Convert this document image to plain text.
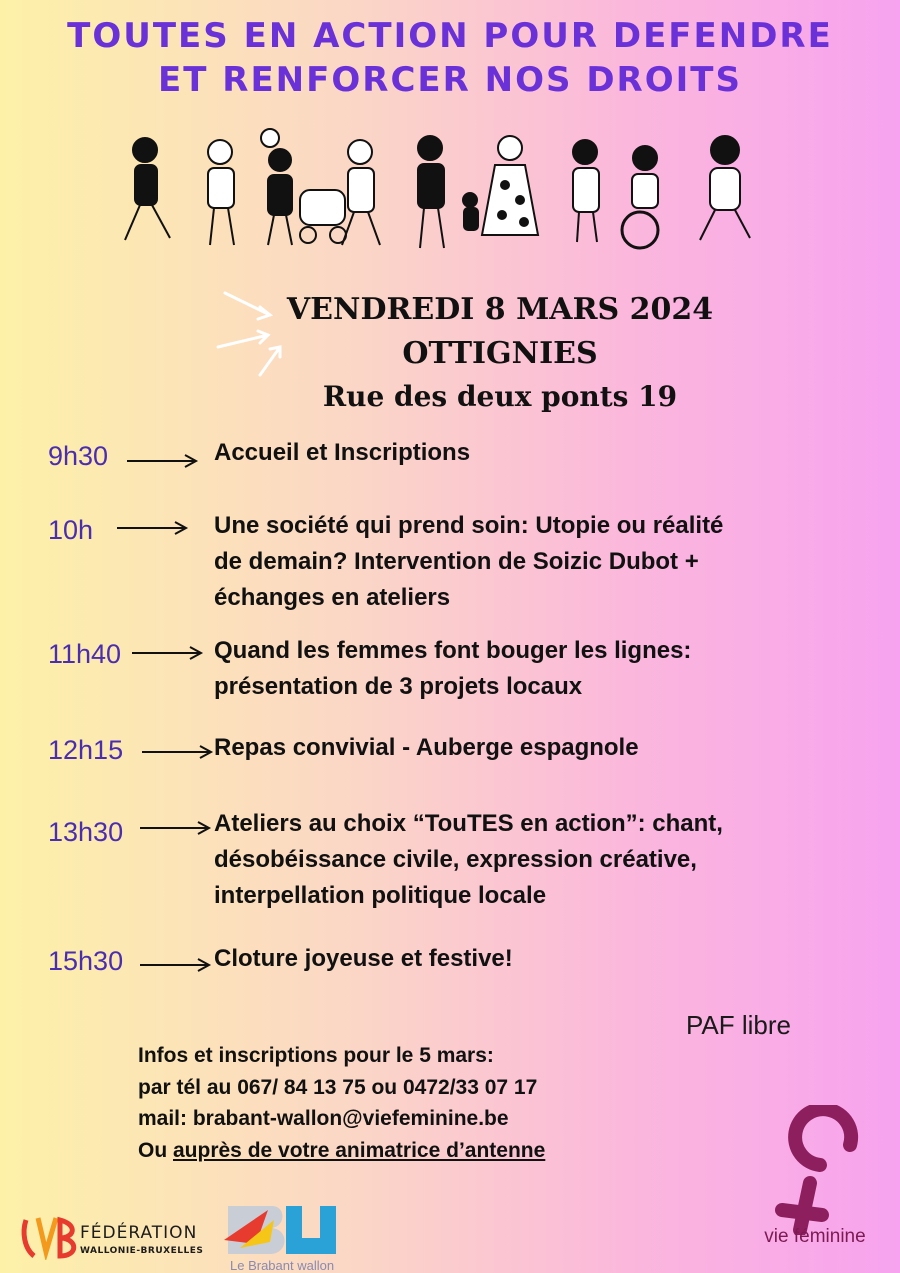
TOUTES EN ACTION POUR DEFENDRE
ET RENFORCER NOS DROITS
VENDREDI 8 MARS 2024
OTTIGNIES
Rue des deux ponts 19
9h30	Accueil et Inscriptions
10h	Une société qui prend soin: Utopie ou réalité
de demain? Intervention de Soizic Dubot +
échanges en ateliers
11h40	Quand les femmes font bouger les lignes:
présentation de 3 projets locaux
12h15	Repas convivial - Auberge espagnole
13h30	Ateliers au choix “TouTES en action”: chant,
désobéissance civile, expression créative,
interpellation politique locale
15h30	Cloture joyeuse et festive!
PAF libre
Infos et inscriptions pour le 5 mars:
par tél au 067/ 84 13 75 ou 0472/33 07 17
mail: brabant-wallon@viefeminine.be
Ou auprès de votre animatrice d’antenne
vie féminine
FÉDÉRATION
WALLONIE-BRUXELLES
Le Brabant wallon
